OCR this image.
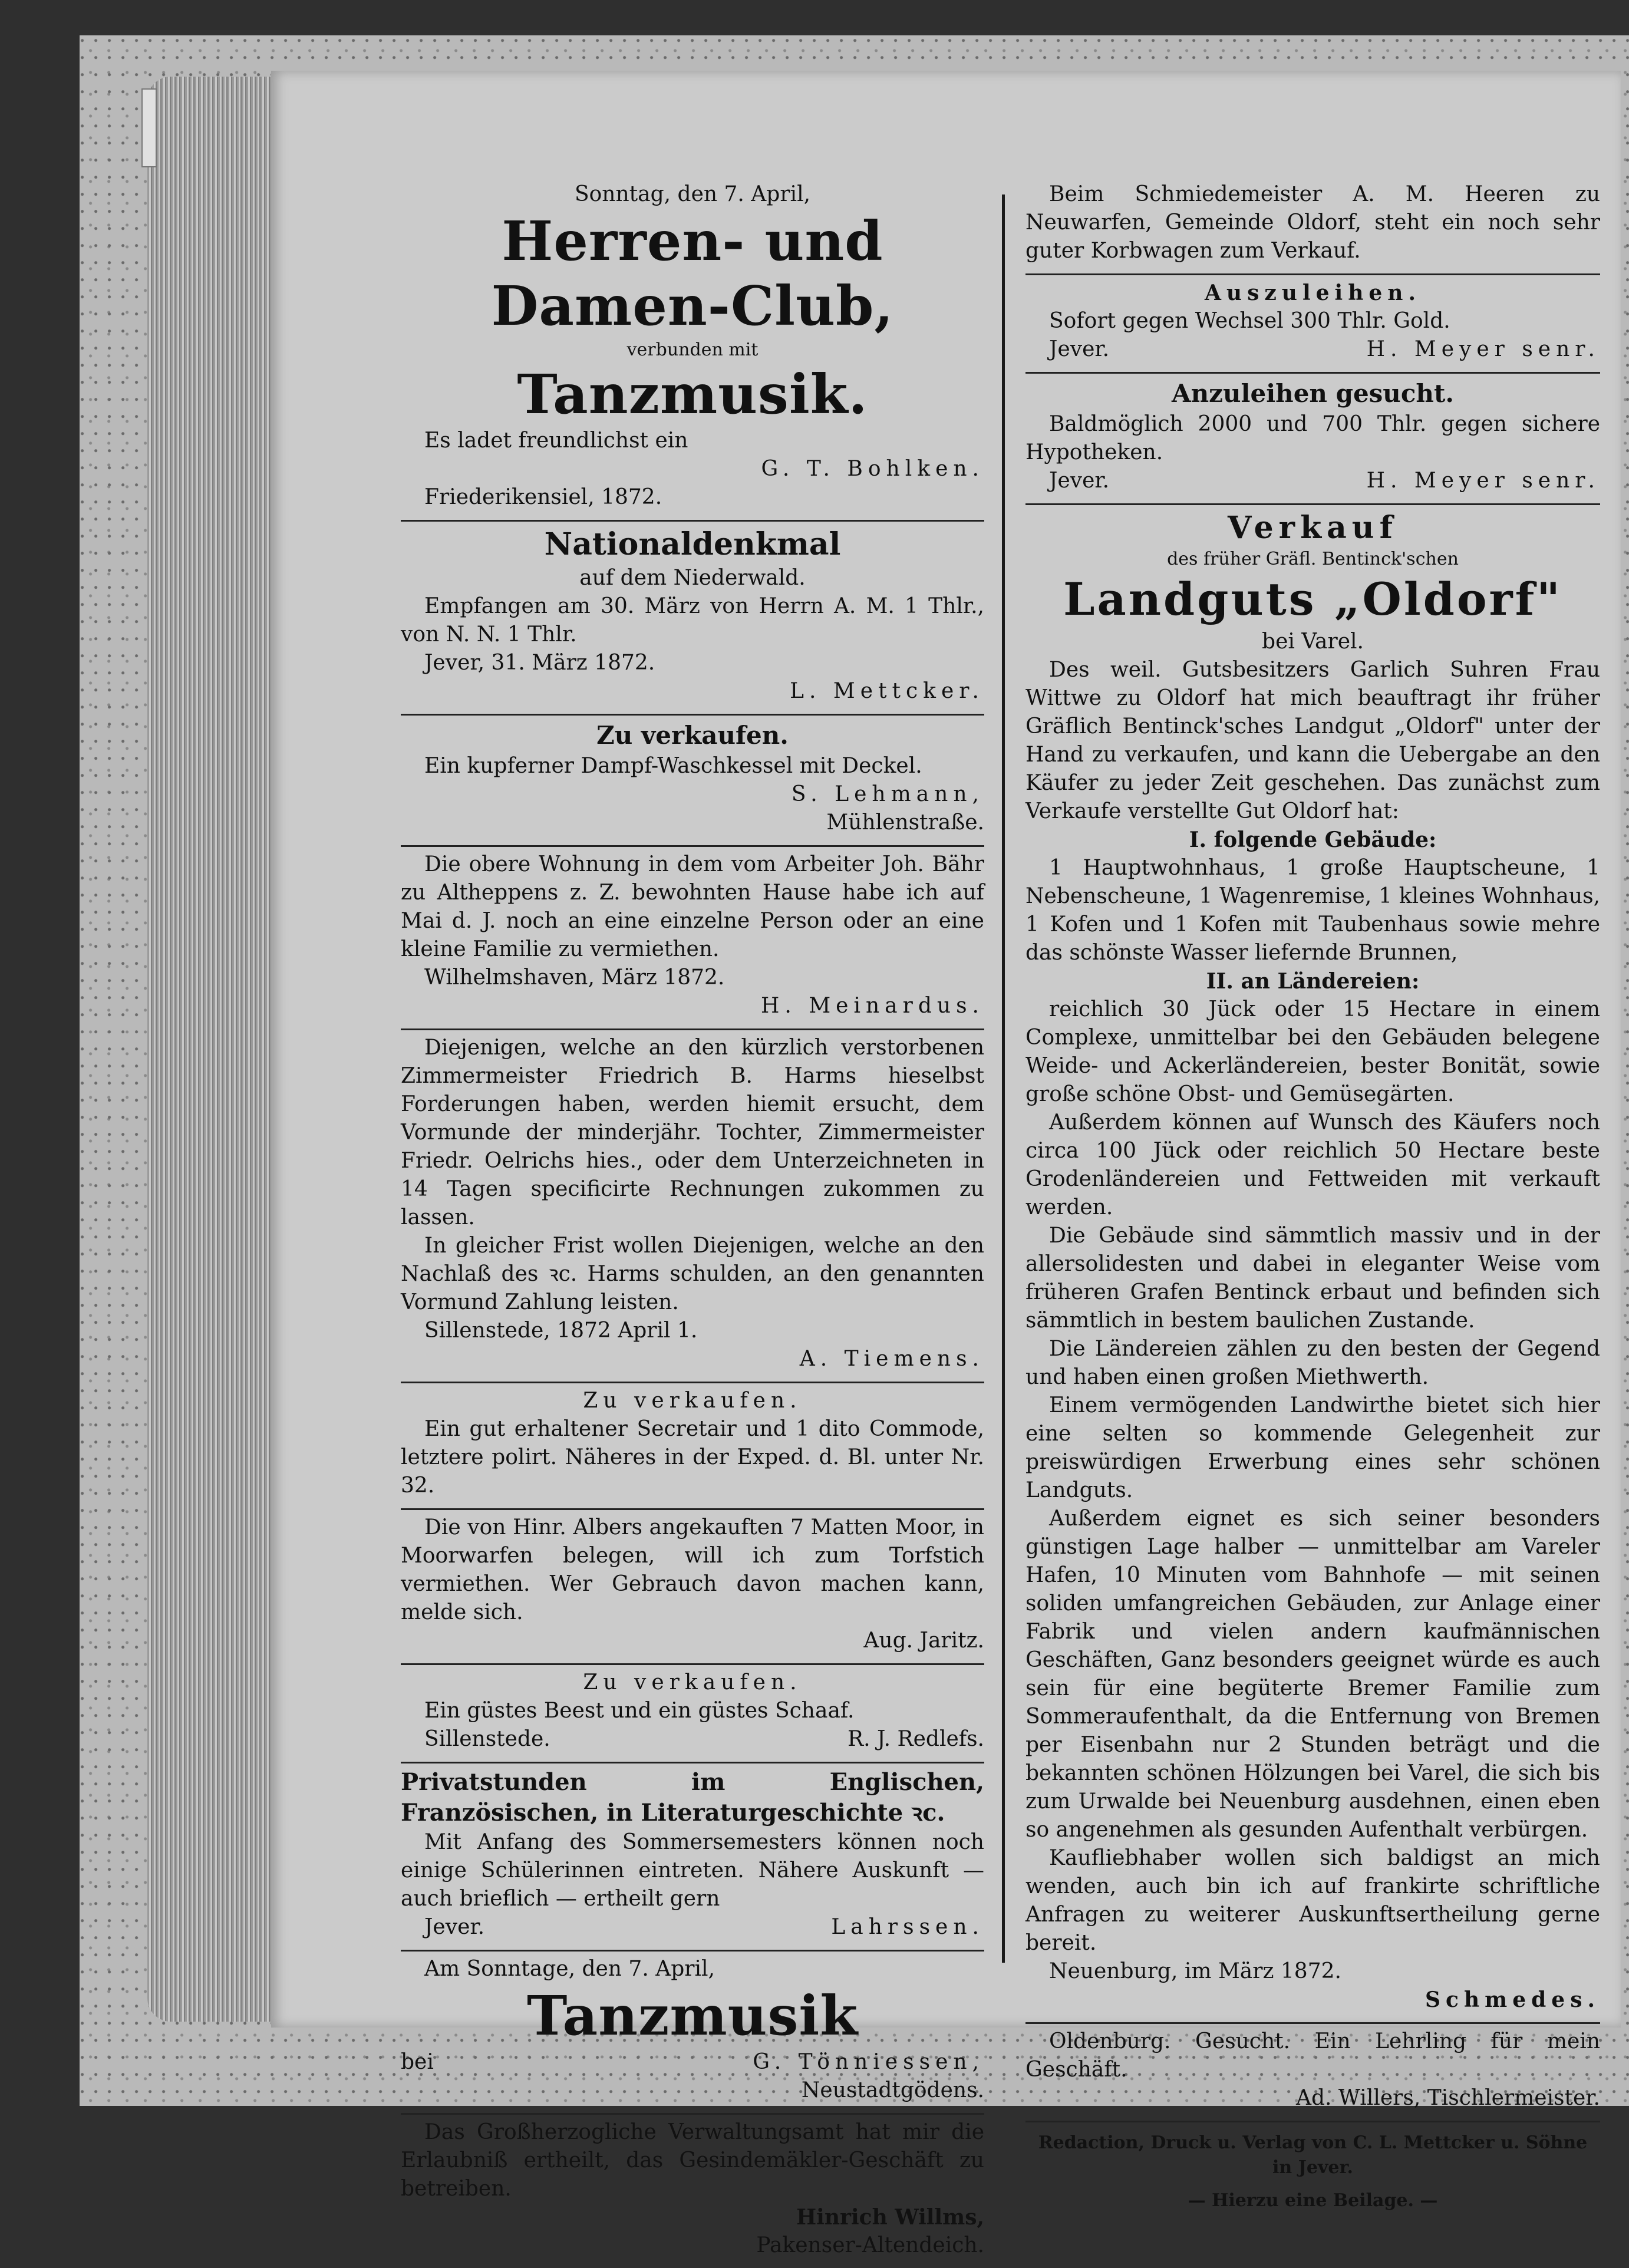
Sonntag, den 7. April,

Herren- und Damen-Club,

verbunden mit

Tanzmusik.

Es ladet freundlichst ein

G. T. Bohlken.

Friederikensiel, 1872.

Nationaldenkmal

auf dem Niederwald.

Empfangen am 30. März von Herrn A. M. 1 Thlr., von N. N. 1 Thlr.

Jever, 31. März 1872.

L. Mettcker.

Zu verkaufen.

Ein kupferner Dampf-Waschkessel mit Deckel.

S. Lehmann,

Mühlenstraße.

Die obere Wohnung in dem vom Arbeiter Joh. Bähr zu Altheppens z. Z. bewohnten Hause habe ich auf Mai d. J. noch an eine einzelne Person oder an eine kleine Familie zu vermiethen.

Wilhelmshaven, März 1872.

H. Meinardus.

Diejenigen, welche an den kürzlich verstorbenen Zimmermeister Friedrich B. Harms hieselbst Forderungen haben, werden hiemit ersucht, dem Vormunde der minderjähr. Tochter, Zimmermeister Friedr. Oelrichs hies., oder dem Unterzeichneten in 14 Tagen specificirte Rechnungen zukommen zu lassen.

In gleicher Frist wollen Diejenigen, welche an den Nachlaß des ꝛc. Harms schulden, an den genannten Vormund Zahlung leisten.

Sillenstede, 1872 April 1.

A. Tiemens.

Zu verkaufen.

Ein gut erhaltener Secretair und 1 dito Commode, letztere polirt. Näheres in der Exped. d. Bl. unter Nr. 32.

Die von Hinr. Albers angekauften 7 Matten Moor, in Moorwarfen belegen, will ich zum Torfstich vermiethen. Wer Gebrauch davon machen kann, melde sich.

Aug. Jaritz.

Zu verkaufen.

Ein güstes Beest und ein güstes Schaaf.

Sillenstede.	R. J. Redlefs.

Privatstunden im Englischen, Französischen, in Literaturgeschichte ꝛc.

Mit Anfang des Sommersemesters können noch einige Schülerinnen eintreten. Nähere Auskunft — auch brieflich — ertheilt gern

Jever.	Lahrssen.

Am Sonntage, den 7. April,

Tanzmusik

bei	G. Tönniessen,

Neustadtgödens.

Das Großherzogliche Verwaltungsamt hat mir die Erlaubniß ertheilt, das Gesindemäkler-Geschäft zu betreiben.

Hinrich Willms,

Pakenser-Altendeich.

Beim Schmiedemeister A. M. Heeren zu Neuwarfen, Gemeinde Oldorf, steht ein noch sehr guter Korbwagen zum Verkauf.

Auszuleihen.

Sofort gegen Wechsel 300 Thlr. Gold.

Jever.	H. Meyer senr.

Anzuleihen gesucht.

Baldmöglich 2000 und 700 Thlr. gegen sichere Hypotheken.

Jever.	H. Meyer senr.

Verkauf

des früher Gräfl. Bentinck'schen

Landguts „Oldorf"

bei Varel.

Des weil. Gutsbesitzers Garlich Suhren Frau Wittwe zu Oldorf hat mich beauftragt ihr früher Gräflich Bentinck'sches Landgut „Oldorf" unter der Hand zu verkaufen, und kann die Uebergabe an den Käufer zu jeder Zeit geschehen. Das zunächst zum Verkaufe verstellte Gut Oldorf hat:

I. folgende Gebäude:

1 Hauptwohnhaus, 1 große Hauptscheune, 1 Nebenscheune, 1 Wagenremise, 1 kleines Wohnhaus, 1 Kofen und 1 Kofen mit Taubenhaus sowie mehre das schönste Wasser liefernde Brunnen,

II. an Ländereien:

reichlich 30 Jück oder 15 Hectare in einem Complexe, unmittelbar bei den Gebäuden belegene Weide- und Ackerländereien, bester Bonität, sowie große schöne Obst- und Gemüsegärten.

Außerdem können auf Wunsch des Käufers noch circa 100 Jück oder reichlich 50 Hectare beste Grodenländereien und Fettweiden mit verkauft werden.

Die Gebäude sind sämmtlich massiv und in der allersolidesten und dabei in eleganter Weise vom früheren Grafen Bentinck erbaut und befinden sich sämmtlich in bestem baulichen Zustande.

Die Ländereien zählen zu den besten der Gegend und haben einen großen Miethwerth.

Einem vermögenden Landwirthe bietet sich hier eine selten so kommende Gelegenheit zur preiswürdigen Erwerbung eines sehr schönen Landguts.

Außerdem eignet es sich seiner besonders günstigen Lage halber — unmittelbar am Vareler Hafen, 10 Minuten vom Bahnhofe — mit seinen soliden umfangreichen Gebäuden, zur Anlage einer Fabrik und vielen andern kaufmännischen Geschäften, Ganz besonders geeignet würde es auch sein für eine begüterte Bremer Familie zum Sommeraufenthalt, da die Entfernung von Bremen per Eisenbahn nur 2 Stunden beträgt und die bekannten schönen Hölzungen bei Varel, die sich bis zum Urwalde bei Neuenburg ausdehnen, einen eben so angenehmen als gesunden Aufenthalt verbürgen.

Kaufliebhaber wollen sich baldigst an mich wenden, auch bin ich auf frankirte schriftliche Anfragen zu weiterer Auskunftsertheilung gerne bereit.

Neuenburg, im März 1872.

Schmedes.

Oldenburg. Gesucht. Ein Lehrling für mein Geschäft.

Ad. Willers, Tischlermeister.

Redaction, Druck u. Verlag von C. L. Mettcker u. Söhne in Jever.

— Hierzu eine Beilage. —
